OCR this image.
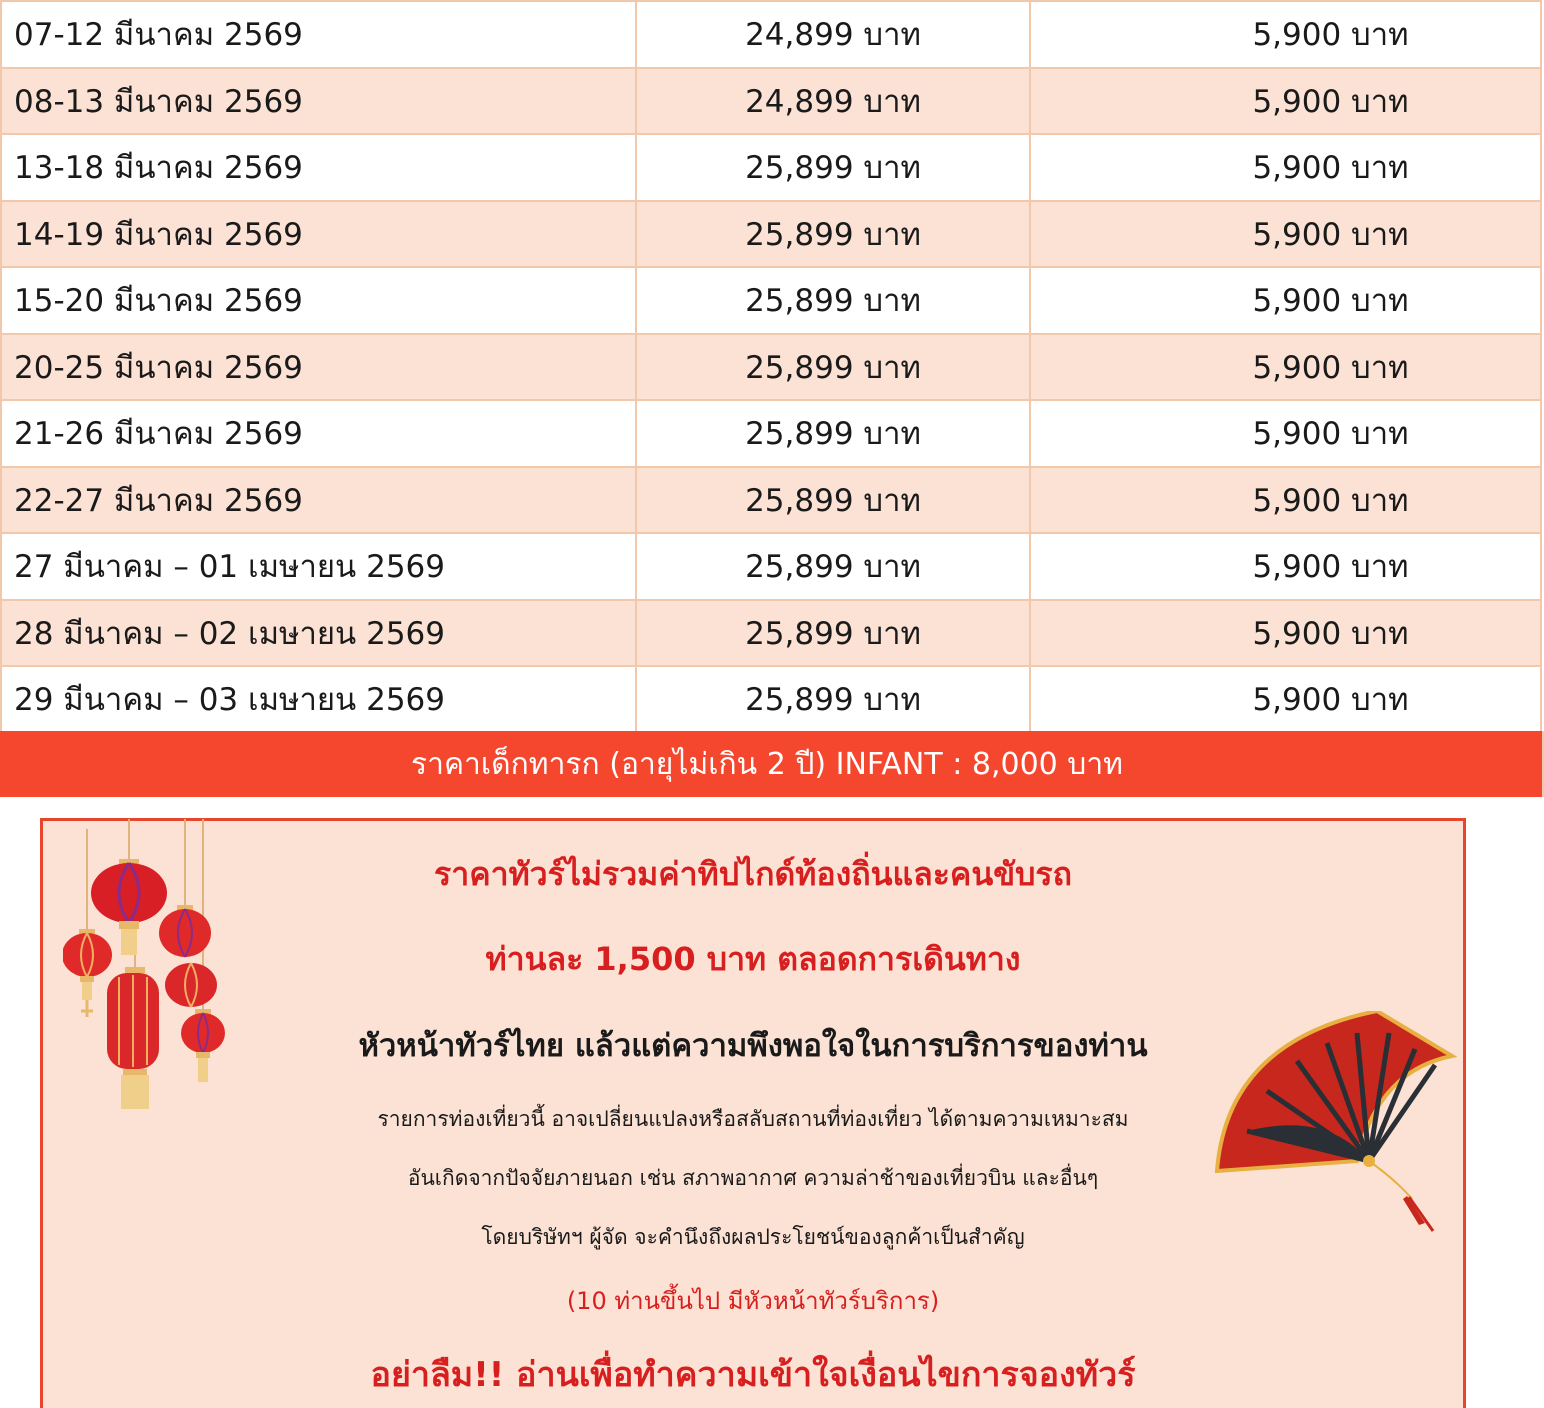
07-12 มีนาคม 2569	24,899 บาท	5,900 บาท
08-13 มีนาคม 2569	24,899 บาท	5,900 บาท
13-18 มีนาคม 2569	25,899 บาท	5,900 บาท
14-19 มีนาคม 2569	25,899 บาท	5,900 บาท
15-20 มีนาคม 2569	25,899 บาท	5,900 บาท
20-25 มีนาคม 2569	25,899 บาท	5,900 บาท
21-26 มีนาคม 2569	25,899 บาท	5,900 บาท
22-27 มีนาคม 2569	25,899 บาท	5,900 บาท
27 มีนาคม – 01 เมษายน 2569	25,899 บาท	5,900 บาท
28 มีนาคม – 02 เมษายน 2569	25,899 บาท	5,900 บาท
29 มีนาคม – 03 เมษายน 2569	25,899 บาท	5,900 บาท
ราคาเด็กทารก (อายุไม่เกิน 2 ปี) INFANT : 8,000 บาท
ราคาทัวร์ไม่รวมค่าทิปไกด์ท้องถิ่นและคนขับรถ
ท่านละ 1,500 บาท ตลอดการเดินทาง
หัวหน้าทัวร์ไทย แล้วแต่ความพึงพอใจในการบริการของท่าน
รายการท่องเที่ยวนี้ อาจเปลี่ยนแปลงหรือสลับสถานที่ท่องเที่ยว ได้ตามความเหมาะสม
อันเกิดจากปัจจัยภายนอก เช่น สภาพอากาศ ความล่าช้าของเที่ยวบิน และอื่นๆ
โดยบริษัทฯ ผู้จัด จะคำนึงถึงผลประโยชน์ของลูกค้าเป็นสำคัญ
(10 ท่านขึ้นไป มีหัวหน้าทัวร์บริการ)
อย่าลืม!! อ่านเพื่อทำความเข้าใจเงื่อนไขการจองทัวร์
